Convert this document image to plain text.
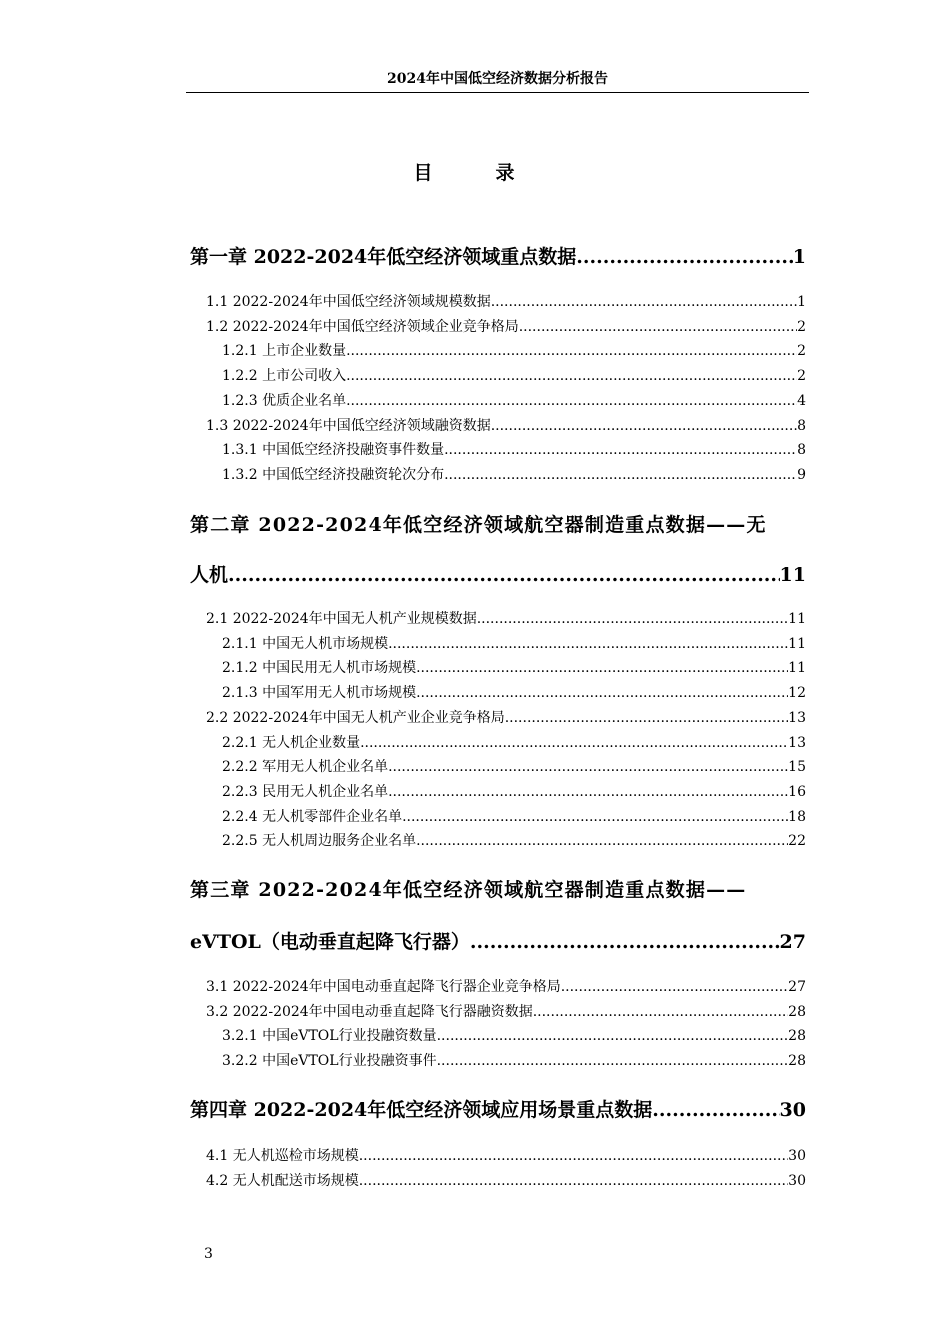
2024年中国低空经济数据分析报告
目　录
第一章 2022-2024年低空经济领域重点数据 .....	1
1.1 2022-2024年中国低空经济领域规模数据 .....	1
1.2 2022-2024年中国低空经济领域企业竞争格局 .....	2
1.2.1 上市企业数量 .....	2
1.2.2 上市公司收入 .....	2
1.2.3 优质企业名单 .....	4
1.3 2022-2024年中国低空经济领域融资数据 .....	8
1.3.1 中国低空经济投融资事件数量 .....	8
1.3.2 中国低空经济投融资轮次分布 .....	9
第二章 2022-2024年低空经济领域航空器制造重点数据——无
人机 .....	11
2.1 2022-2024年中国无人机产业规模数据 .....	11
2.1.1 中国无人机市场规模 .....	11
2.1.2 中国民用无人机市场规模 .....	11
2.1.3 中国军用无人机市场规模 .....	12
2.2 2022-2024年中国无人机产业企业竞争格局 .....	13
2.2.1 无人机企业数量 .....	13
2.2.2 军用无人机企业名单 .....	15
2.2.3 民用无人机企业名单 .....	16
2.2.4 无人机零部件企业名单 .....	18
2.2.5 无人机周边服务企业名单 .....	22
第三章 2022-2024年低空经济领域航空器制造重点数据——
eVTOL（电动垂直起降飞行器） .....	27
3.1 2022-2024年中国电动垂直起降飞行器企业竞争格局 .....	27
3.2 2022-2024年中国电动垂直起降飞行器融资数据 .....	28
3.2.1 中国eVTOL行业投融资数量 .....	28
3.2.2 中国eVTOL行业投融资事件 .....	28
第四章 2022-2024年低空经济领域应用场景重点数据 .....	30
4.1 无人机巡检市场规模 .....	30
4.2 无人机配送市场规模 .....	30
3
